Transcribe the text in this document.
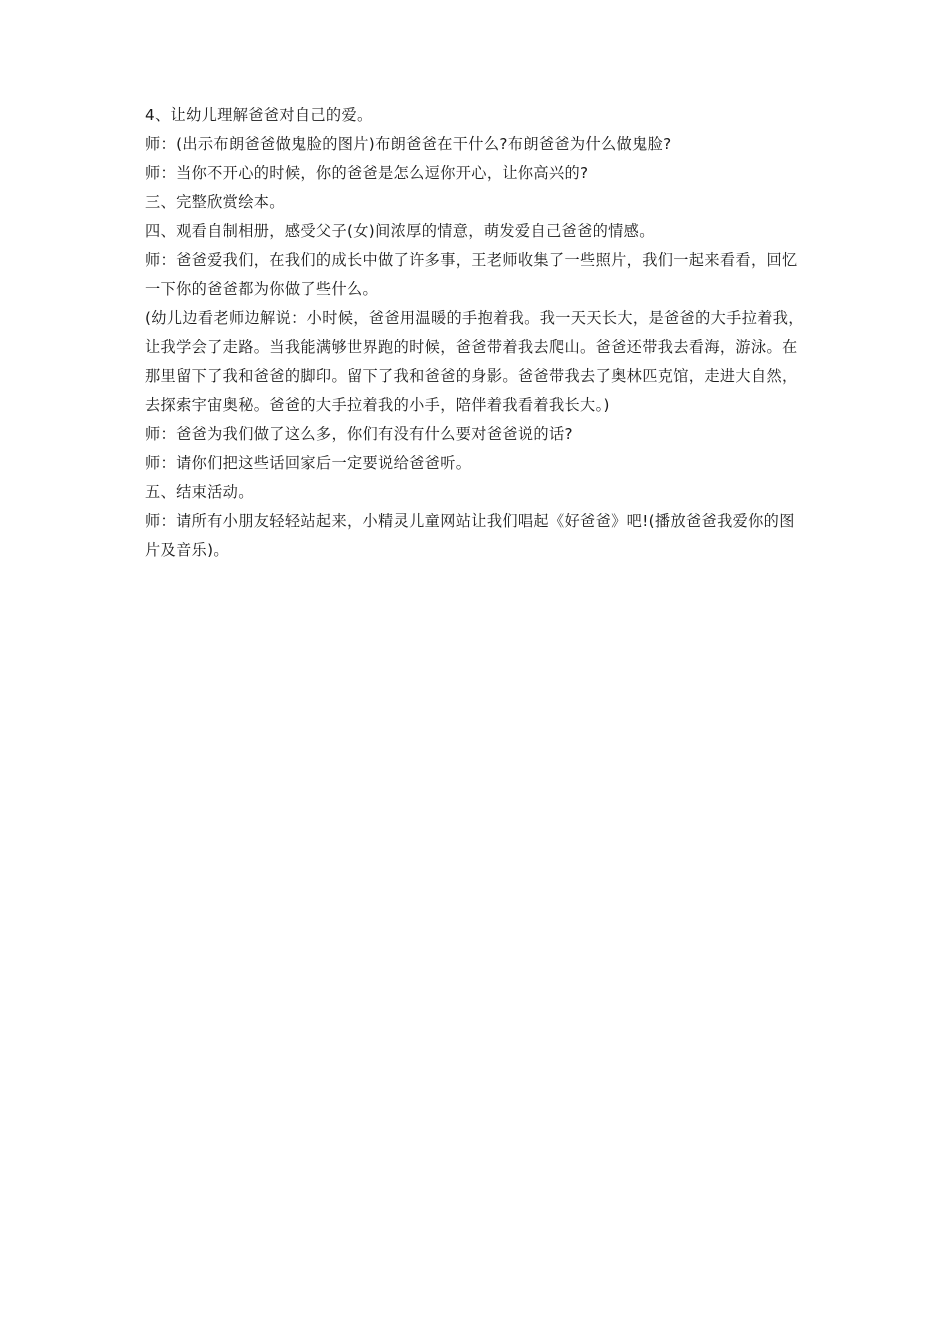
4、让幼儿理解爸爸对自己的爱。

师：(出示布朗爸爸做鬼脸的图片)布朗爸爸在干什么?布朗爸爸为什么做鬼脸?

师：当你不开心的时候，你的爸爸是怎么逗你开心，让你高兴的?

三、完整欣赏绘本。

四、观看自制相册，感受父子(女)间浓厚的情意，萌发爱自己爸爸的情感。

师：爸爸爱我们，在我们的成长中做了许多事，王老师收集了一些照片，我们一起来看看，回忆一下你的爸爸都为你做了些什么。

(幼儿边看老师边解说：小时候，爸爸用温暖的手抱着我。我一天天长大，是爸爸的大手拉着我，让我学会了走路。当我能满够世界跑的时候，爸爸带着我去爬山。爸爸还带我去看海，游泳。在那里留下了我和爸爸的脚印。留下了我和爸爸的身影。爸爸带我去了奥林匹克馆，走进大自然，去探索宇宙奥秘。爸爸的大手拉着我的小手，陪伴着我看着我长大。)

师：爸爸为我们做了这么多，你们有没有什么要对爸爸说的话?

师：请你们把这些话回家后一定要说给爸爸听。

五、结束活动。

师：请所有小朋友轻轻站起来，小精灵儿童网站让我们唱起《好爸爸》吧!(播放爸爸我爱你的图片及音乐)。
